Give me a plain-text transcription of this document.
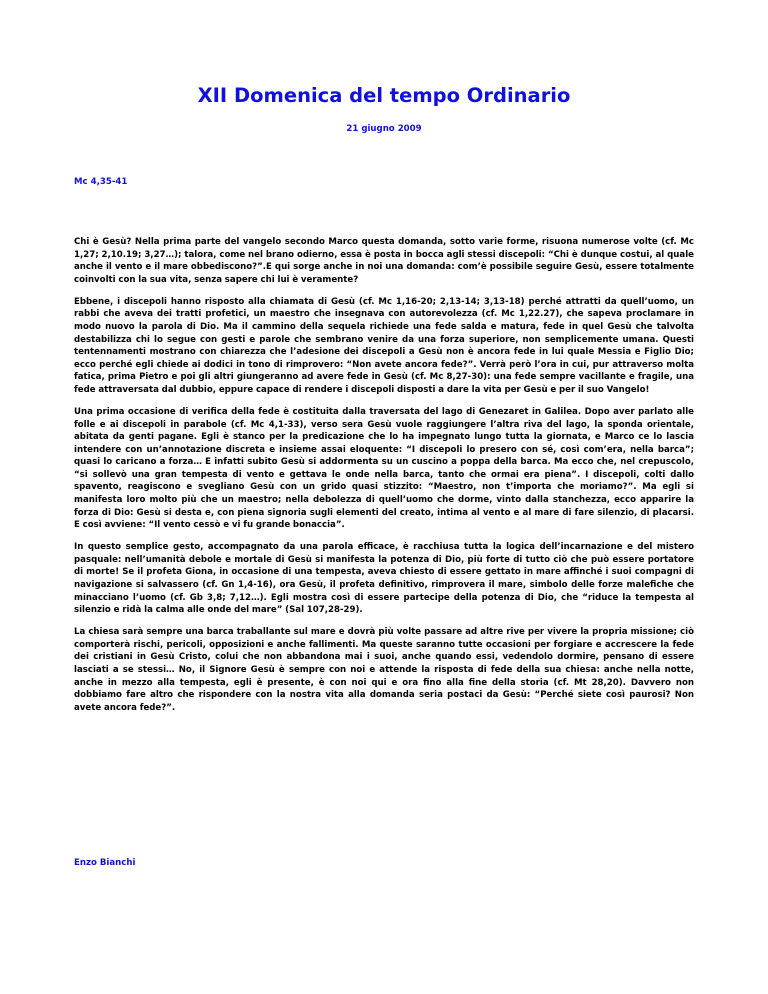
XII Domenica del tempo Ordinario
21 giugno 2009
Mc 4,35-41

Chi è Gesù? Nella prima parte del vangelo secondo Marco questa domanda, sotto varie forme, risuona numerose volte (cf. Mc 1,27; 2,10.19; 3,27…); talora, come nel brano odierno, essa è posta in bocca agli stessi discepoli: “Chi è dunque costui, al quale anche il vento e il mare obbediscono?”.E qui sorge anche in noi una domanda: com’è possibile seguire Gesù, essere totalmente coinvolti con la sua vita, senza sapere chi lui è veramente?

Ebbene, i discepoli hanno risposto alla chiamata di Gesù (cf. Mc 1,16-20; 2,13-14; 3,13-18) perché attratti da quell’uomo, un rabbi che aveva dei tratti profetici, un maestro che insegnava con autorevolezza (cf. Mc 1,22.27), che sapeva proclamare in modo nuovo la parola di Dio. Ma il cammino della sequela richiede una fede salda e matura, fede in quel Gesù che talvolta destabilizza chi lo segue con gesti e parole che sembrano venire da una forza superiore, non semplicemente umana. Questi tentennamenti mostrano con chiarezza che l’adesione dei discepoli a Gesù non è ancora fede in lui quale Messia e Figlio Dio; ecco perché egli chiede ai dodici in tono di rimprovero: “Non avete ancora fede?”. Verrà però l’ora in cui, pur attraverso molta fatica, prima Pietro e poi gli altri giungeranno ad avere fede in Gesù (cf. Mc 8,27-30): una fede sempre vacillante e fragile, una fede attraversata dal dubbio, eppure capace di rendere i discepoli disposti a dare la vita per Gesù e per il suo Vangelo!

Una prima occasione di verifica della fede è costituita dalla traversata del lago di Genezaret in Galilea. Dopo aver parlato alle folle e ai discepoli in parabole (cf. Mc 4,1-33), verso sera Gesù vuole raggiungere l’altra riva del lago, la sponda orientale, abitata da genti pagane. Egli è stanco per la predicazione che lo ha impegnato lungo tutta la giornata, e Marco ce lo lascia intendere con un’annotazione discreta e insieme assai eloquente: “I discepoli lo presero con sé, così com’era, nella barca”; quasi lo caricano a forza… E infatti subito Gesù si addormenta su un cuscino a poppa della barca. Ma ecco che, nel crepuscolo, “si sollevò una gran tempesta di vento e gettava le onde nella barca, tanto che ormai era piena”. I discepoli, colti dallo spavento, reagiscono e svegliano Gesù con un grido quasi stizzito: “Maestro, non t’importa che moriamo?”. Ma egli si manifesta loro molto più che un maestro; nella debolezza di quell’uomo che dorme, vinto dalla stanchezza, ecco apparire la forza di Dio: Gesù si desta e, con piena signoria sugli elementi del creato, intima al vento e al mare di fare silenzio, di placarsi. E così avviene: “Il vento cessò e vi fu grande bonaccia”.

In questo semplice gesto, accompagnato da una parola efficace, è racchiusa tutta la logica dell’incarnazione e del mistero pasquale: nell’umanità debole e mortale di Gesù si manifesta la potenza di Dio, più forte di tutto ciò che può essere portatore di morte! Se il profeta Giona, in occasione di una tempesta, aveva chiesto di essere gettato in mare affinché i suoi compagni di navigazione si salvassero (cf. Gn 1,4-16), ora Gesù, il profeta definitivo, rimprovera il mare, simbolo delle forze malefiche che minacciano l’uomo (cf. Gb 3,8; 7,12…). Egli mostra così di essere partecipe della potenza di Dio, che “riduce la tempesta al silenzio e ridà la calma alle onde del mare” (Sal 107,28-29).

La chiesa sarà sempre una barca traballante sul mare e dovrà più volte passare ad altre rive per vivere la propria missione; ciò comporterà rischi, pericoli, opposizioni e anche fallimenti. Ma queste saranno tutte occasioni per forgiare e accrescere la fede dei cristiani in Gesù Cristo, colui che non abbandona mai i suoi, anche quando essi, vedendolo dormire, pensano di essere lasciati a se stessi… No, il Signore Gesù è sempre con noi e attende la risposta di fede della sua chiesa: anche nella notte, anche in mezzo alla tempesta, egli è presente, è con noi qui e ora fino alla fine della storia (cf. Mt 28,20). Davvero non dobbiamo fare altro che rispondere con la nostra vita alla domanda seria postaci da Gesù: “Perché siete così paurosi? Non avete ancora fede?”.

Enzo Bianchi
